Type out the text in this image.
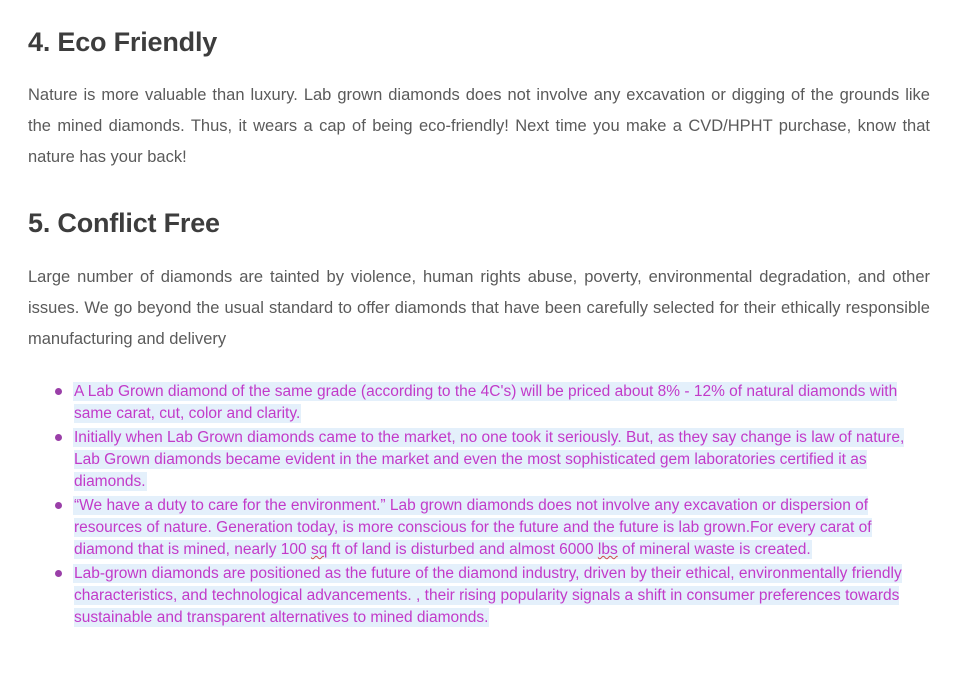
4. Eco Friendly

Nature is more valuable than luxury. Lab grown diamonds does not involve any excavation or digging of the grounds like the mined diamonds. Thus, it wears a cap of being eco-friendly! Next time you make a CVD/HPHT purchase, know that nature has your back!

5. Conflict Free

Large number of diamonds are tainted by violence, human rights abuse, poverty, environmental degradation, and other issues. We go beyond the usual standard to offer diamonds that have been carefully selected for their ethically responsible manufacturing and delivery

A Lab Grown diamond of the same grade (according to the 4C's) will be priced about 8% - 12% of natural diamonds with same carat, cut, color and clarity.
Initially when Lab Grown diamonds came to the market, no one took it seriously. But, as they say change is law of nature, Lab Grown diamonds became evident in the market and even the most sophisticated gem laboratories certified it as diamonds.
“We have a duty to care for the environment.” Lab grown diamonds does not involve any excavation or dispersion of resources of nature. Generation today, is more conscious for the future and the future is lab grown.For every carat of diamond that is mined, nearly 100 sq ft of land is disturbed and almost 6000 lbs of mineral waste is created.
Lab-grown diamonds are positioned as the future of the diamond industry, driven by their ethical, environmentally friendly characteristics, and technological advancements. , their rising popularity signals a shift in consumer preferences towards sustainable and transparent alternatives to mined diamonds.
